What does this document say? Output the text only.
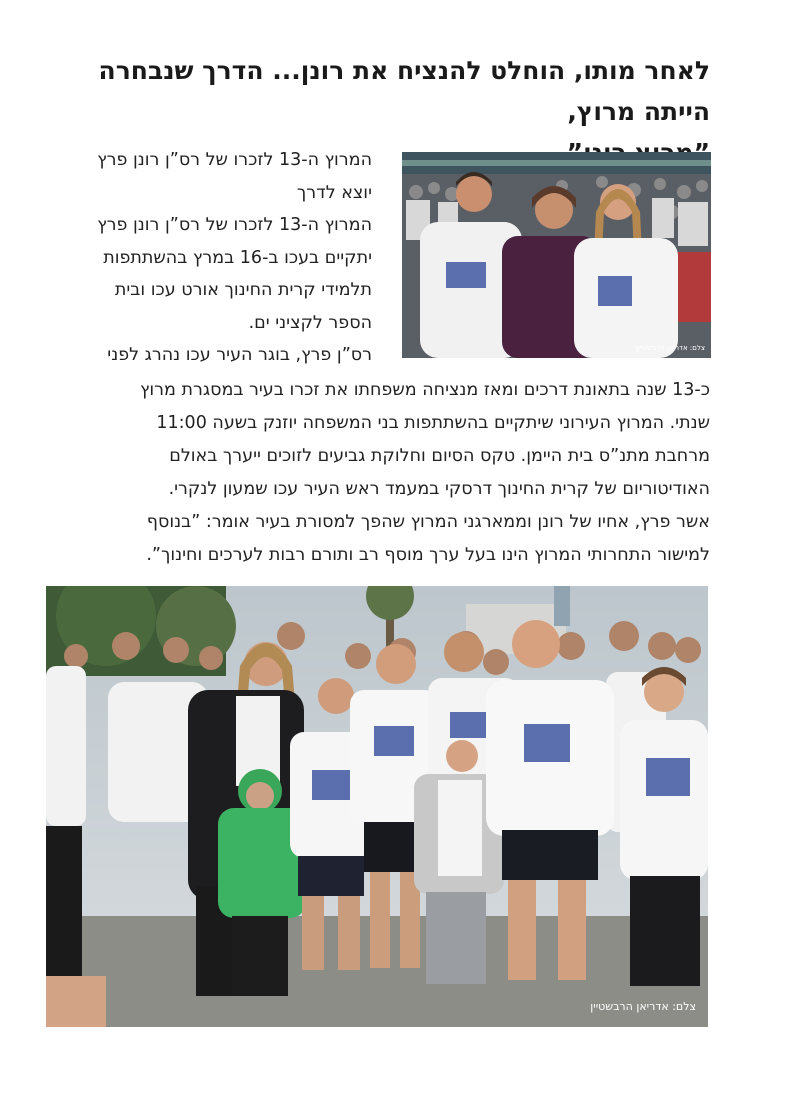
לאחר מותו, הוחלט להנציח את רונן... הדרך שנבחרה הייתה מרוץ,
צלם: אדריאן הרבשטייןך
המרוץ ה-13 לזכרו של רס”ן רונן פרץ
יוצא לדרך
המרוץ ה-13 לזכרו של רס”ן רונן פרץ
יתקיים בעכו ב-16 במרץ בהשתתפות
תלמידי קרית החינוך אורט עכו ובית
הספר לקציני ים.
רס”ן פרץ, בוגר העיר עכו נהרג לפני
כ-13 שנה בתאונת דרכים ומאז מנציחה משפחתו את זכרו בעיר במסגרת מרוץ
שנתי. המרוץ העירוני שיתקיים בהשתתפות בני המשפחה יוזנק בשעה 11:00
מרחבת מתנ”ס בית היימן. טקס הסיום וחלוקת גביעים לזוכים ייערך באולם
האודיטוריום של קרית החינוך דרסקי במעמד ראש העיר עכו שמעון לנקרי.
אשר פרץ, אחיו של רונן וממארגני המרוץ שהפך למסורת בעיר אומר: ”בנוסף
למישור התחרותי המרוץ הינו בעל ערך מוסף רב ותורם רבות לערכים וחינוך”.
צלם: אדריאן הרבשטיין
